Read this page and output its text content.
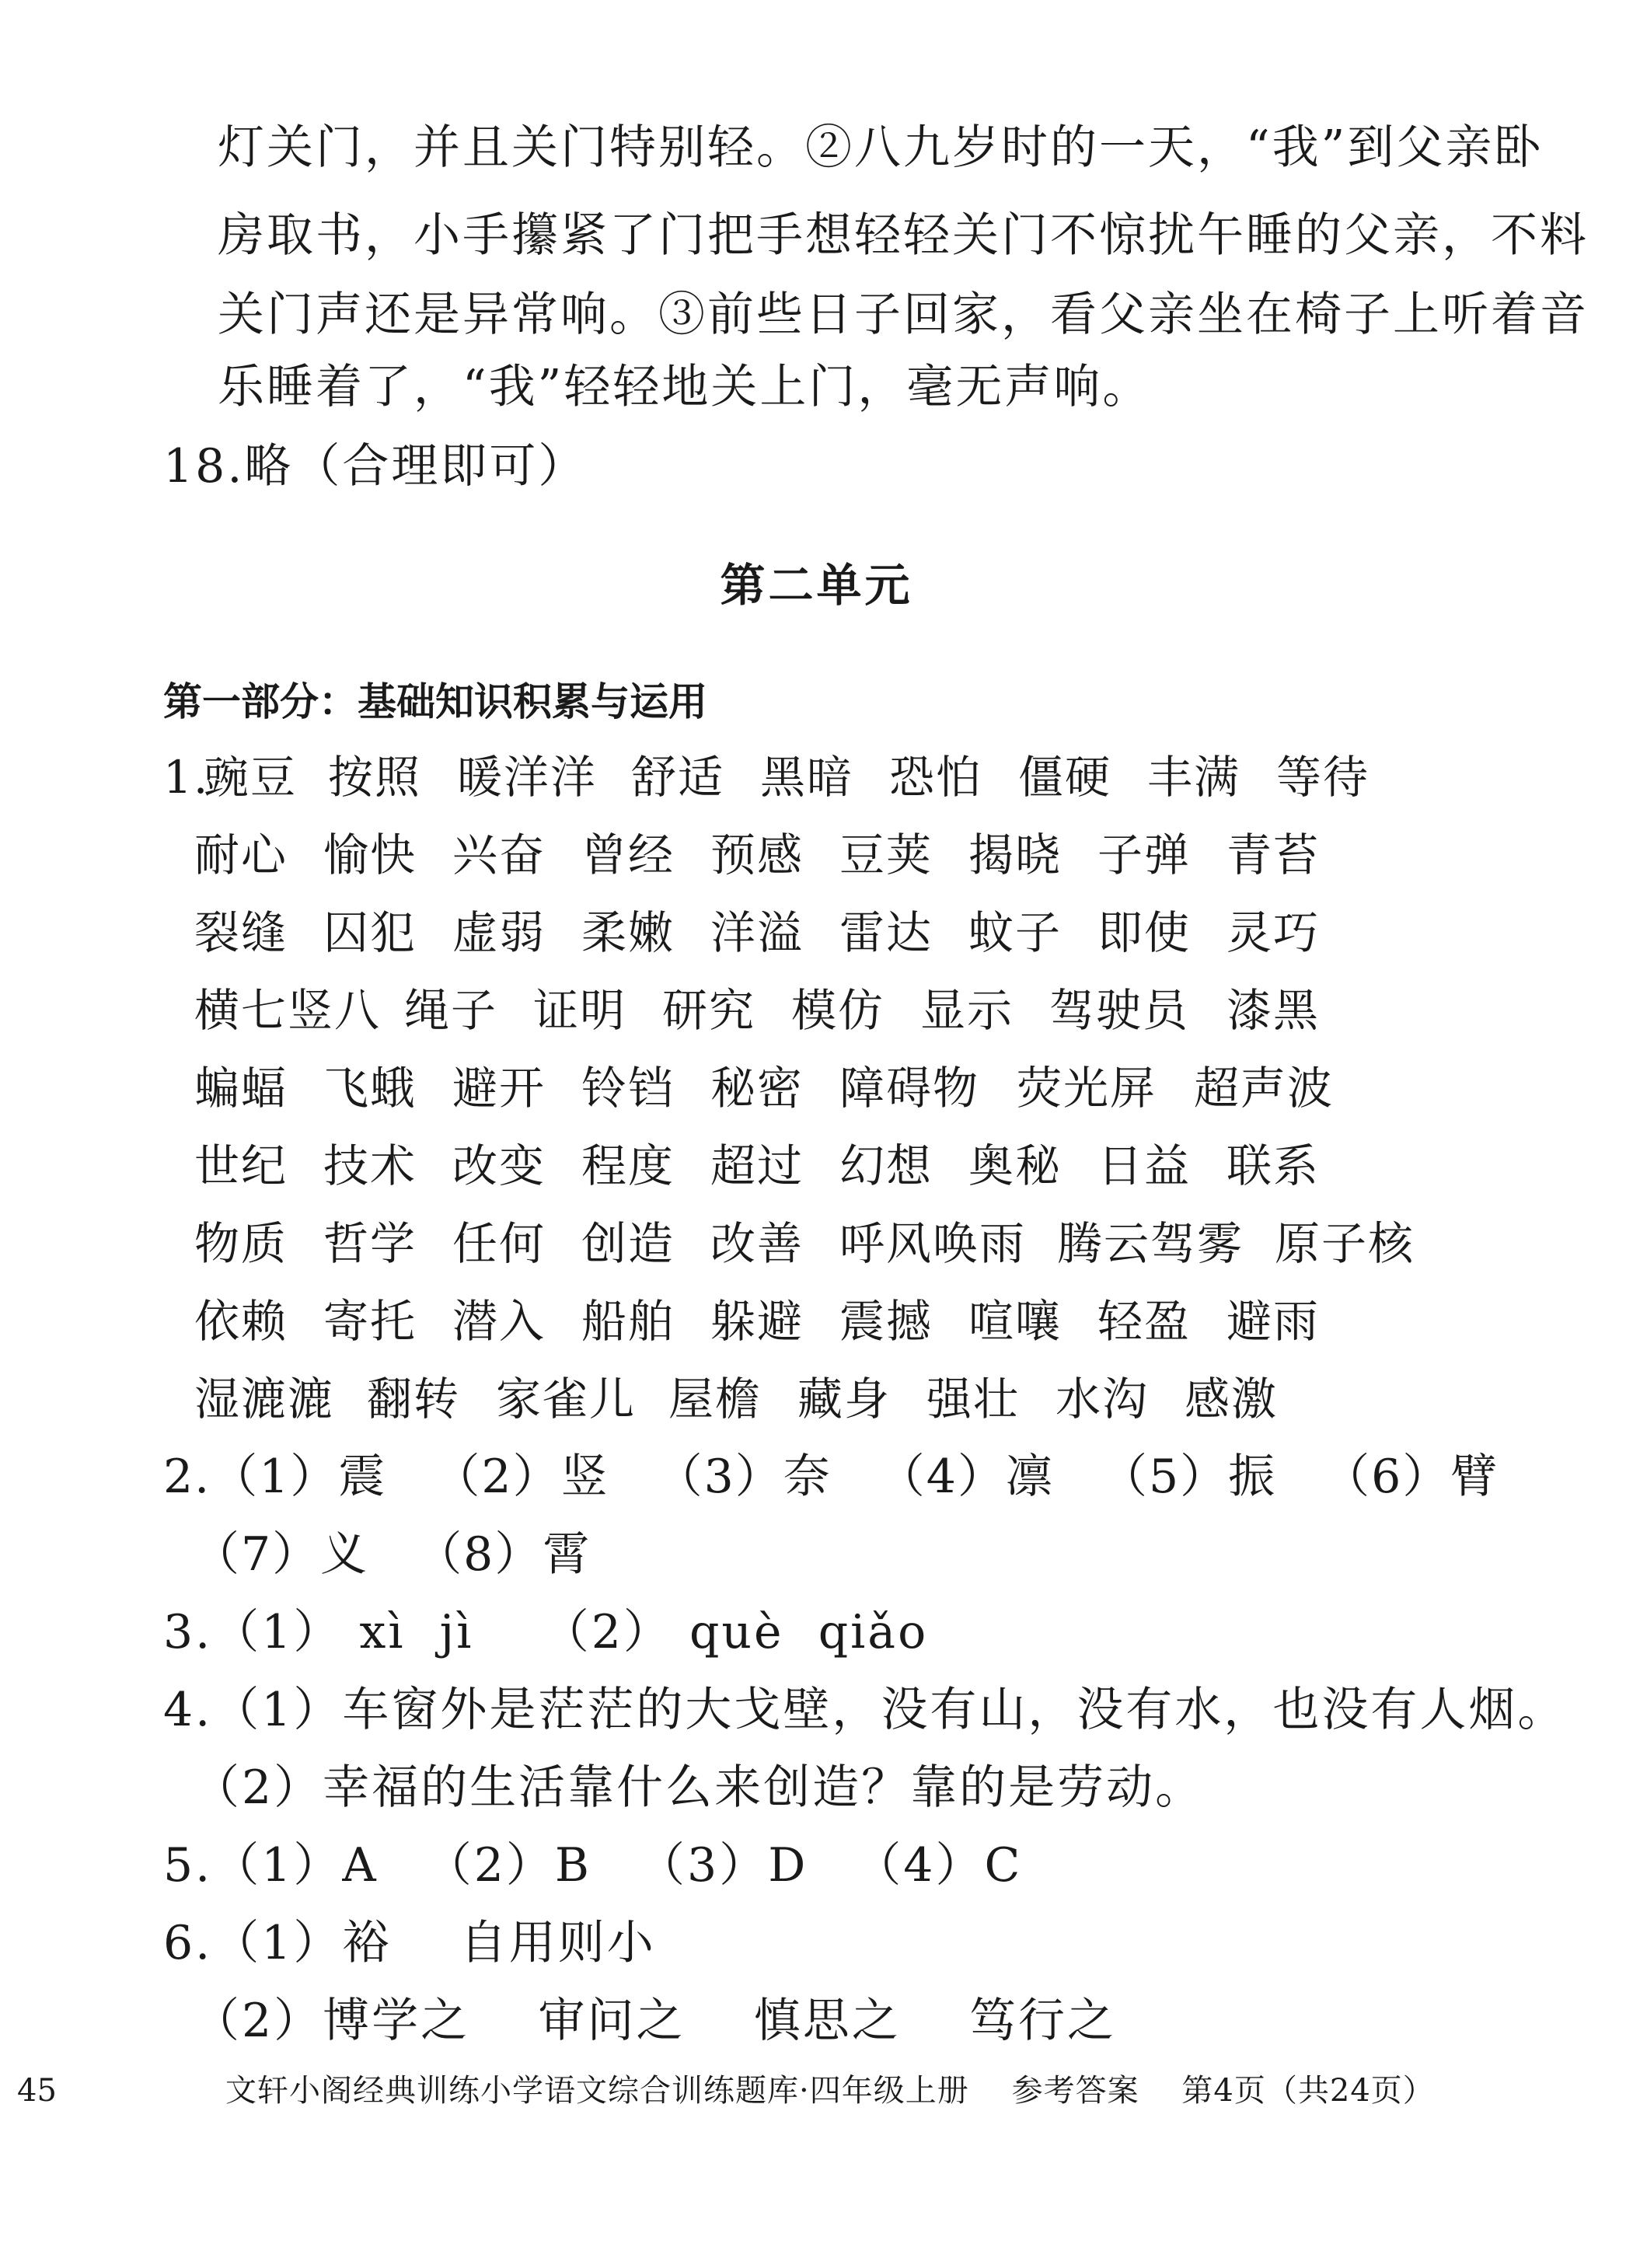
灯关门，并且关门特别轻。②八九岁时的一天，“我”到父亲卧
房取书，小手攥紧了门把手想轻轻关门不惊扰午睡的父亲，不料
关门声还是异常响。③前些日子回家，看父亲坐在椅子上听着音
乐睡着了，“我”轻轻地关上门，毫无声响。
18.略（合理即可）
第二单元
第一部分：基础知识积累与运用
1.
豌豆 按照 暖洋洋 舒适 黑暗 恐怕 僵硬 丰满 等待
耐心 愉快 兴奋 曾经 预感 豆荚 揭晓 子弹 青苔
裂缝 囚犯 虚弱 柔嫩 洋溢 雷达 蚊子 即使 灵巧
横七竖八 绳子 证明 研究 模仿 显示 驾驶员 漆黑
蝙蝠 飞蛾 避开 铃铛 秘密 障碍物 荧光屏 超声波
世纪 技术 改变 程度 超过 幻想 奥秘 日益 联系
物质 哲学 任何 创造 改善 呼风唤雨 腾云驾雾 原子核
依赖 寄托 潜入 船舶 躲避 震撼 喧嚷 轻盈 避雨
湿漉漉 翻转 家雀儿 屋檐 藏身 强壮 水沟 感激
2.（1）震 （2）竖 （3）奈 （4）凛 （5）振 （6）臂
（7）义 （8）霄
3.（1） xì  jì    （2） què  qiǎo
4.（1）车窗外是茫茫的大戈壁，没有山，没有水，也没有人烟。
（2）幸福的生活靠什么来创造？靠的是劳动。
5.（1）A （2）B （3）D （4）C
6.（1）裕    自用则小
（2）博学之    审问之    慎思之    笃行之
45	文轩小阁经典训练小学语文综合训练题库·四年级上册    参考答案    第4页（共24页）
